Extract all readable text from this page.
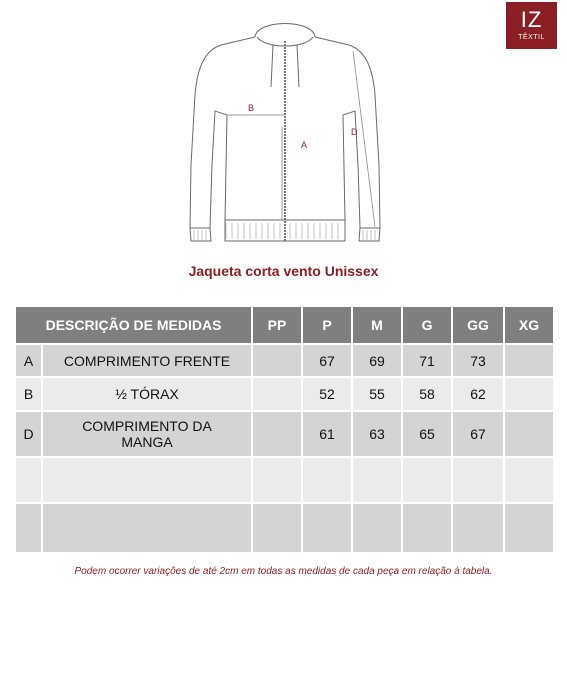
IZ
TÊXTIL
B
A
D
Jaqueta corta vento Unissex
DESCRIÇÃO DE MEDIDAS		PP	P	M	G	GG	XG
A	COMPRIMENTO FRENTE		67	69	71	73	
B	½ TÓRAX		52	55	58	62	
D	COMPRIMENTO DA MANGA		61	63	65	67	

Podem ocorrer variações de até 2cm em todas as medidas de cada peça em relação à tabela.
